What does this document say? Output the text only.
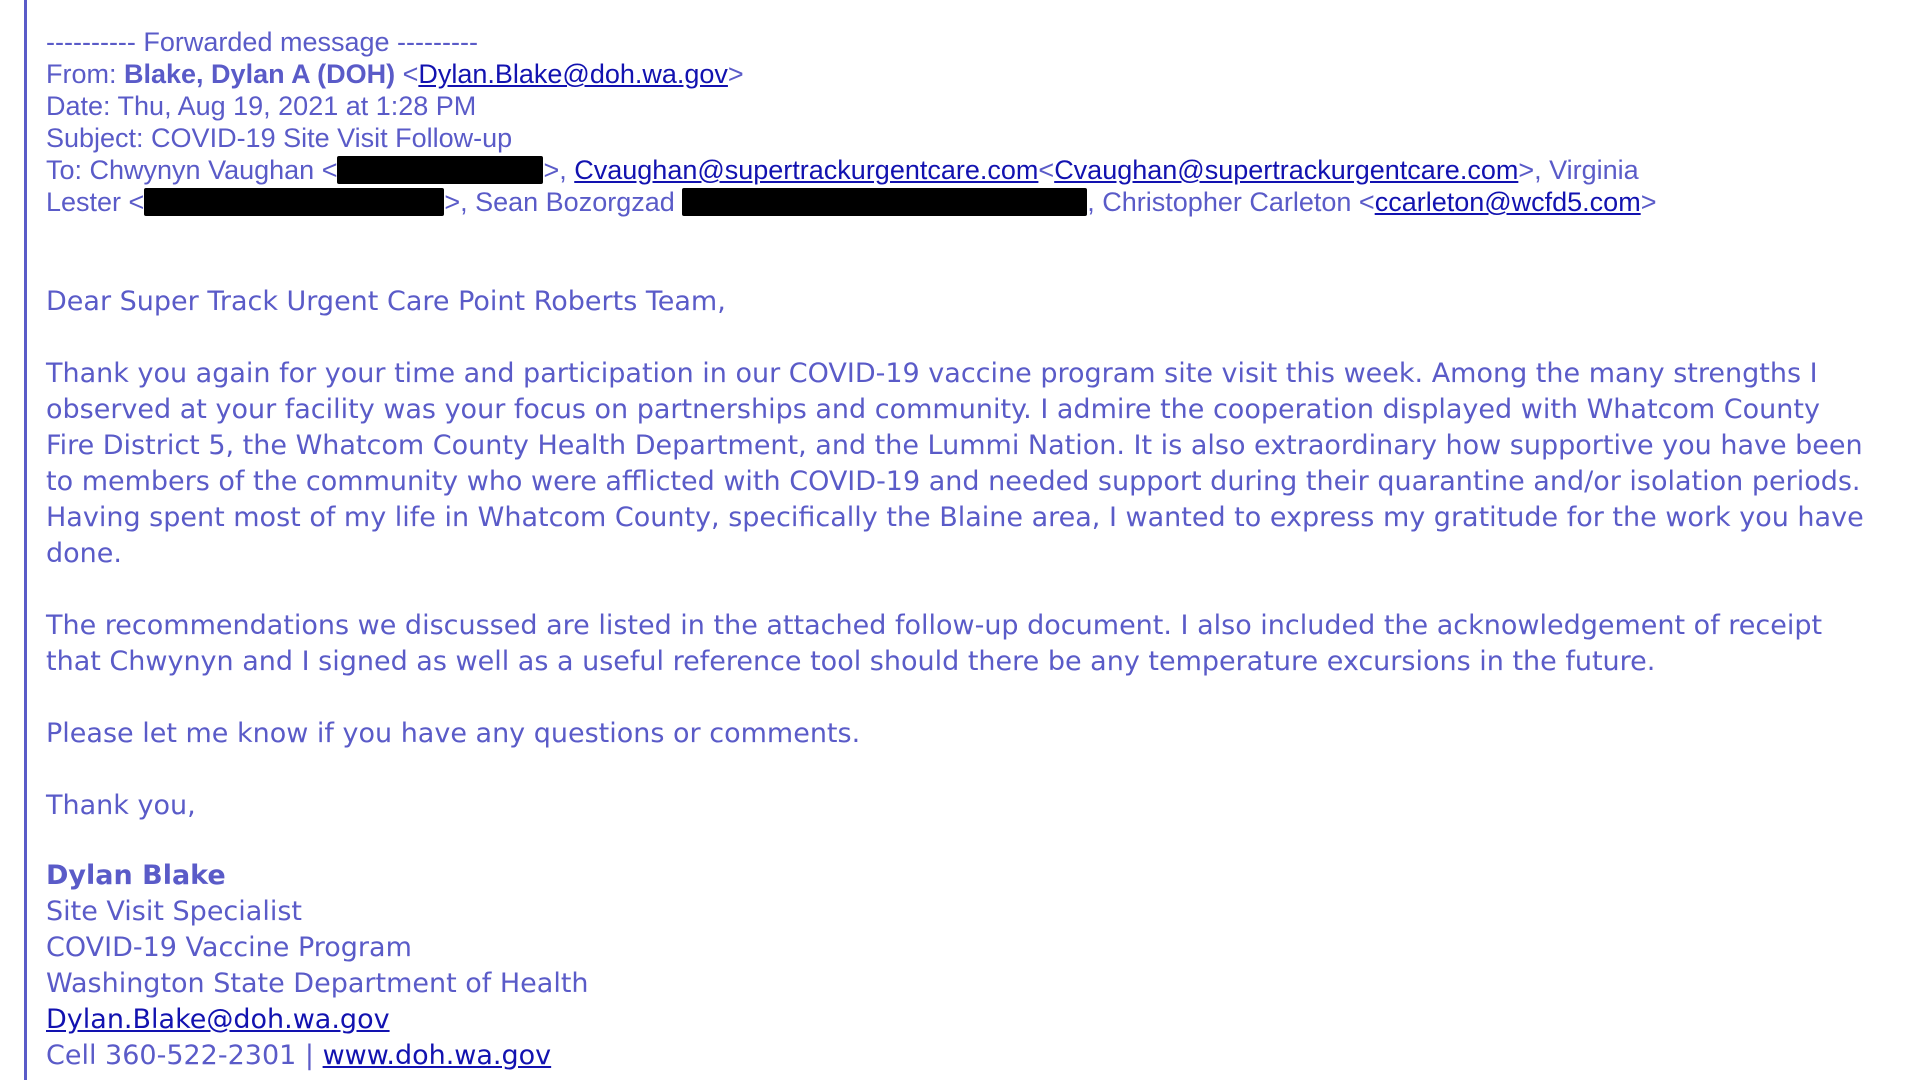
---------- Forwarded message ---------
From: Blake, Dylan A (DOH) <Dylan.Blake@doh.wa.gov>
Date: Thu, Aug 19, 2021 at 1:28 PM
Subject: COVID-19 Site Visit Follow-up
To: Chwynyn Vaughan <	>, Cvaughan@supertrackurgentcare.com<Cvaughan@supertrackurgentcare.com>, Virginia
Lester <	>, Sean Bozorgzad	, Christopher Carleton <ccarleton@wcfd5.com>

Dear Super Track Urgent Care Point Roberts Team,

Thank you again for your time and participation in our COVID-19 vaccine program site visit this week. Among the many strengths I observed at your facility was your focus on partnerships and community. I admire the cooperation displayed with Whatcom County Fire District 5, the Whatcom County Health Department, and the Lummi Nation. It is also extraordinary how supportive you have been to members of the community who were afflicted with COVID-19 and needed support during their quarantine and/or isolation periods. Having spent most of my life in Whatcom County, specifically the Blaine area, I wanted to express my gratitude for the work you have done.

The recommendations we discussed are listed in the attached follow-up document. I also included the acknowledgement of receipt that Chwynyn and I signed as well as a useful reference tool should there be any temperature excursions in the future.

Please let me know if you have any questions or comments.

Thank you,

Dylan Blake
Site Visit Specialist
COVID-19 Vaccine Program
Washington State Department of Health
Dylan.Blake@doh.wa.gov
Cell 360-522-2301 | www.doh.wa.gov
